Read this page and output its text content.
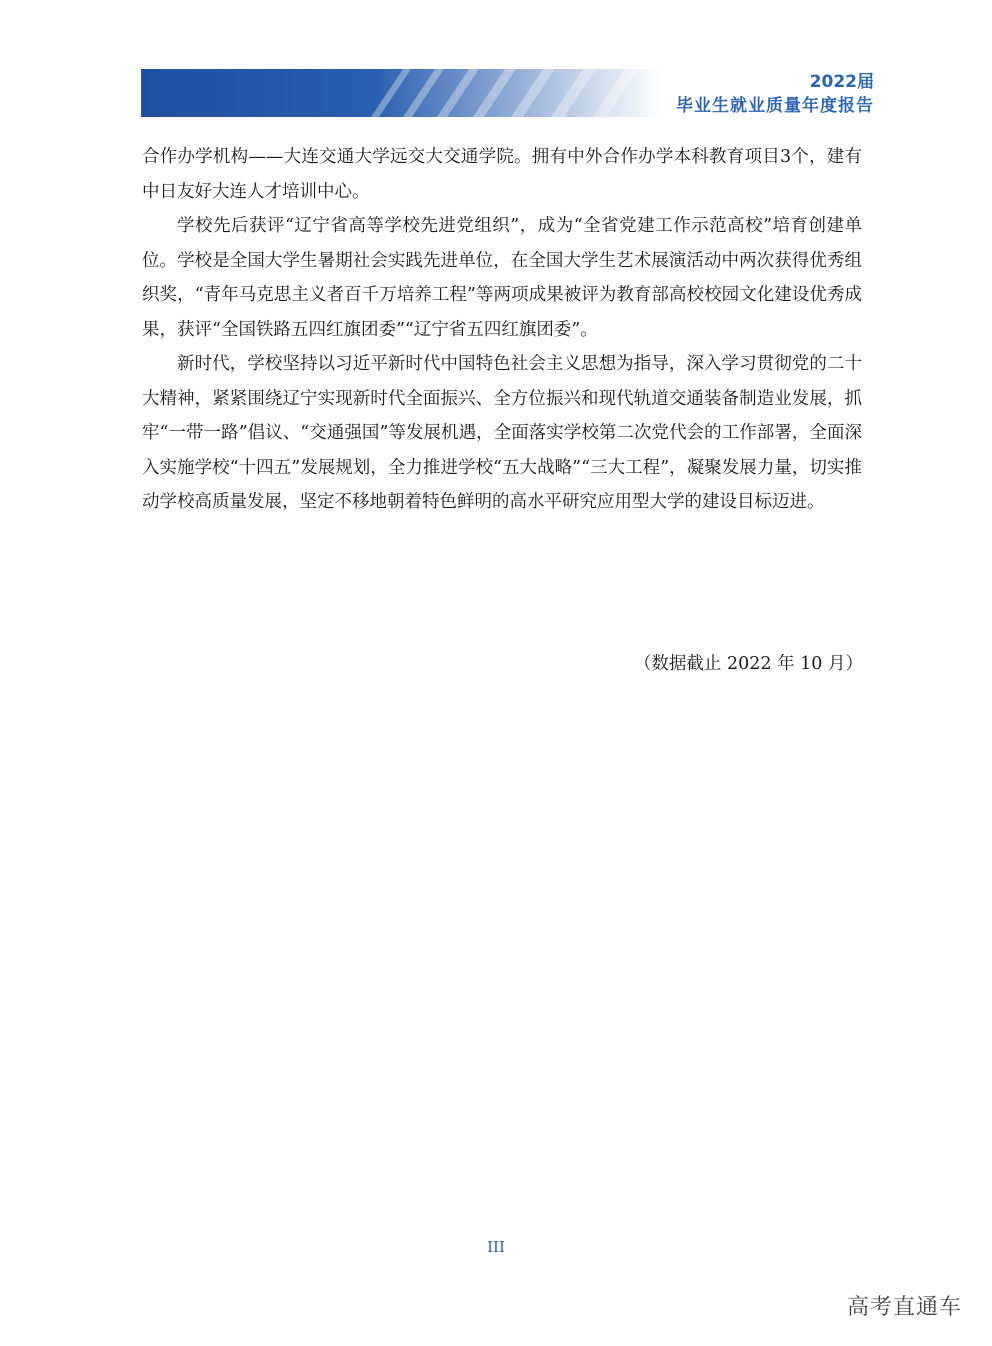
2022届
毕业生就业质量年度报告

合作办学机构——大连交通大学远交大交通学院。拥有中外合作办学本科教育项目3个，建有中日友好大连人才培训中心。

学校先后获评“辽宁省高等学校先进党组织”，成为“全省党建工作示范高校”培育创建单位。学校是全国大学生暑期社会实践先进单位，在全国大学生艺术展演活动中两次获得优秀组织奖，“青年马克思主义者百千万培养工程”等两项成果被评为教育部高校校园文化建设优秀成果，获评“全国铁路五四红旗团委”“辽宁省五四红旗团委”。

新时代，学校坚持以习近平新时代中国特色社会主义思想为指导，深入学习贯彻党的二十大精神，紧紧围绕辽宁实现新时代全面振兴、全方位振兴和现代轨道交通装备制造业发展，抓牢“一带一路”倡议、“交通强国”等发展机遇，全面落实学校第二次党代会的工作部署，全面深入实施学校“十四五”发展规划，全力推进学校“五大战略”“三大工程”，凝聚发展力量，切实推动学校高质量发展，坚定不移地朝着特色鲜明的高水平研究应用型大学的建设目标迈进。

（数据截止 2022 年 10 月）
III
高考直通车
